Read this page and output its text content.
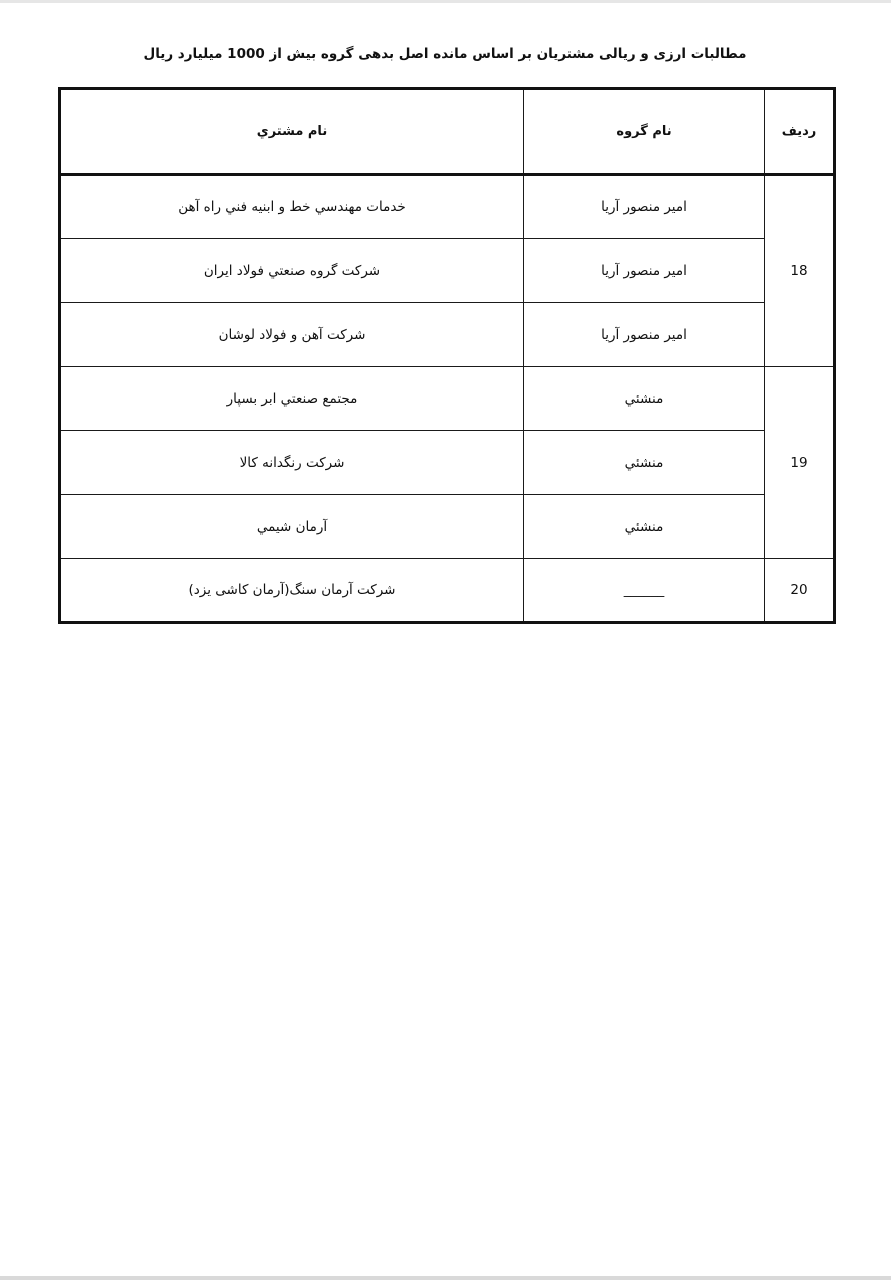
مطالبات ارزی و ریالی مشتریان بر اساس مانده اصل بدهی گروه بیش از 1000 میلیارد ریال
رديف	نام گروه	نام مشتري
18	امير منصور آريا	خدمات مهندسي خط و ابنيه فني راه آهن
	امير منصور آريا	شركت گروه صنعتي فولاد ايران
	امير منصور آريا	شركت آهن و فولاد لوشان
19	منشئي	مجتمع صنعتي ابر بسپار
	منشئي	شركت رنگدانه كالا
	منشئي	آرمان شيمي
20	______	شرکت آرمان سنگ(آرمان کاشی یزد)
